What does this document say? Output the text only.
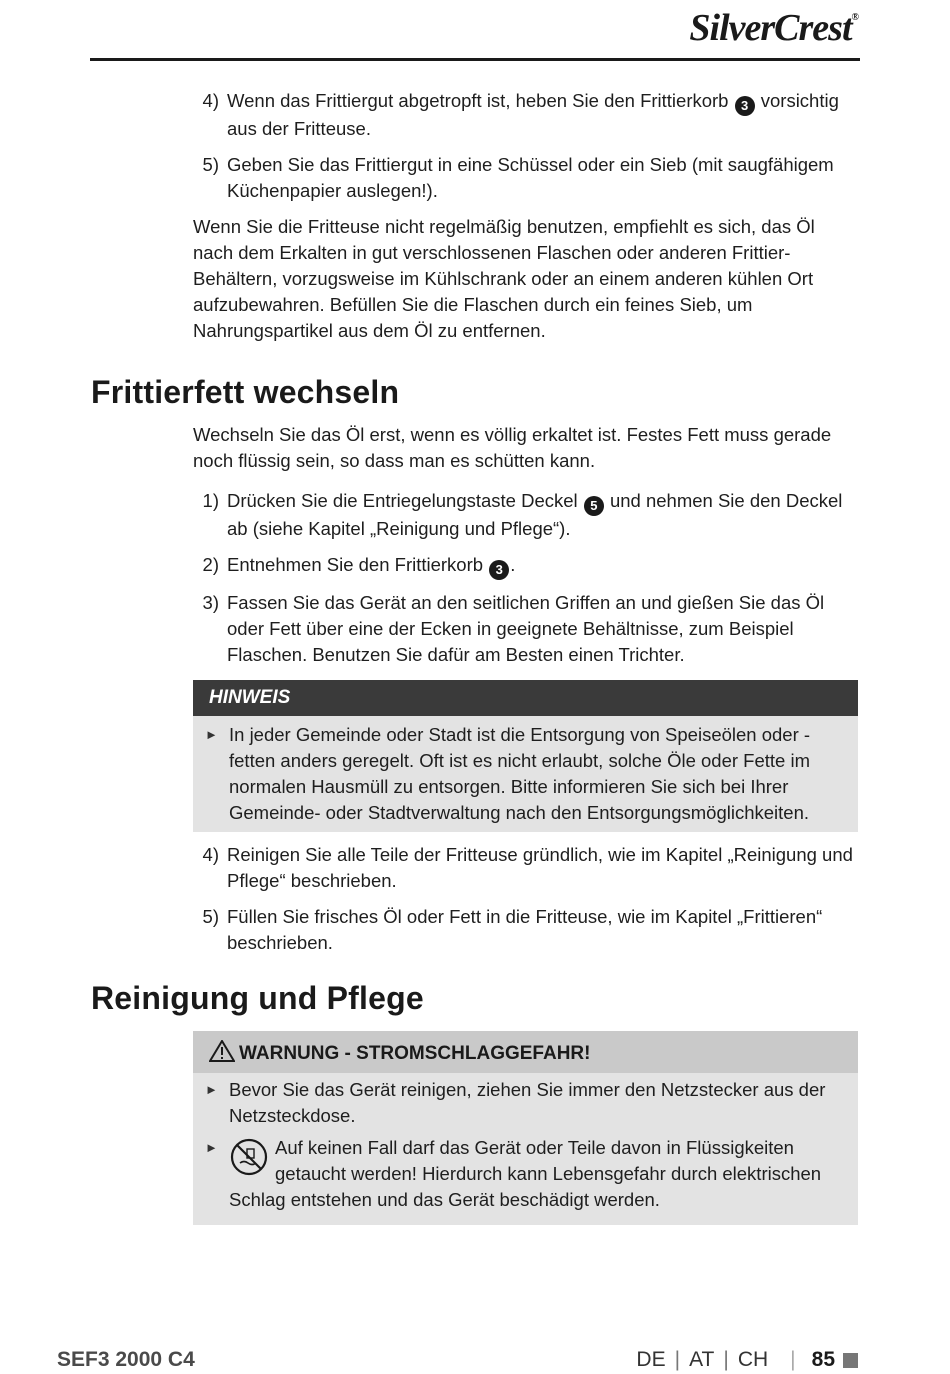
SilverCrest®
4) Wenn das Frittiergut abgetropft ist, heben Sie den Frittierkorb 3 vorsichtig aus der Fritteuse.
5) Geben Sie das Frittiergut in eine Schüssel oder ein Sieb (mit saugfähigem Küchenpapier auslegen!).

Wenn Sie die Fritteuse nicht regelmäßig benutzen, empfiehlt es sich, das Öl nach dem Erkalten in gut verschlossenen Flaschen oder anderen Frittier-Behältern, vorzugsweise im Kühlschrank oder an einem anderen kühlen Ort aufzubewahren. Befüllen Sie die Flaschen durch ein feines Sieb, um Nahrungspartikel aus dem Öl zu entfernen.

Frittierfett wechseln

Wechseln Sie das Öl erst, wenn es völlig erkaltet ist. Festes Fett muss gerade noch flüssig sein, so dass man es schütten kann.

1) Drücken Sie die Entriegelungstaste Deckel 5 und nehmen Sie den Deckel ab (siehe Kapitel „Reinigung und Pflege“).
2) Entnehmen Sie den Frittierkorb 3 .
3) Fassen Sie das Gerät an den seitlichen Griffen an und gießen Sie das Öl oder Fett über eine der Ecken in geeignete Behältnisse, zum Beispiel Flaschen. Benutzen Sie dafür am Besten einen Trichter.
HINWEIS
► In jeder Gemeinde oder Stadt ist die Entsorgung von Speiseölen oder -fetten anders geregelt. Oft ist es nicht erlaubt, solche Öle oder Fette im normalen Hausmüll zu entsorgen. Bitte informieren Sie sich bei Ihrer Gemeinde- oder Stadtverwaltung nach den Entsorgungsmöglichkeiten.
4) Reinigen Sie alle Teile der Fritteuse gründlich, wie im Kapitel „Reinigung und Pflege“ beschrieben.
5) Füllen Sie frisches Öl oder Fett in die Fritteuse, wie im Kapitel „Frittieren“ beschrieben.
Reinigung und Pflege
WARNUNG - STROMSCHLAGGEFAHR!
► Bevor Sie das Gerät reinigen, ziehen Sie immer den Netzstecker aus der Netzsteckdose.
►	Auf keinen Fall darf das Gerät oder Teile davon in Flüssigkeiten getaucht werden! Hierdurch kann Lebensgefahr durch elektrischen Schlag entstehen und das Gerät beschädigt werden.
SEF3 2000 C4	DE | AT | CH | 85
